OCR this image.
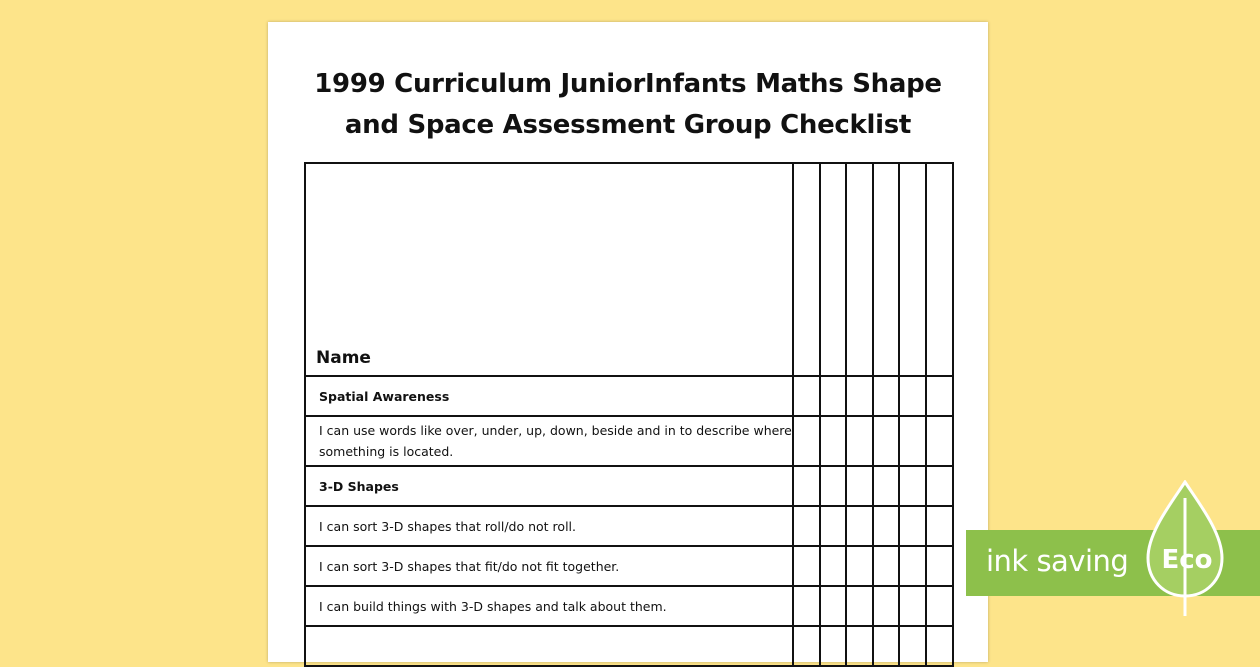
1999 Curriculum JuniorInfants Maths Shape
and Space Assessment Group Checklist
Name						
Spatial Awareness						
I can use words like over, under, up, down, beside and in to describe where something is located.						
3-D Shapes						
I can sort 3-D shapes that roll/do not roll.						
I can sort 3-D shapes that fit/do not fit together.						
I can build things with 3-D shapes and talk about them.						

ink saving Eco
